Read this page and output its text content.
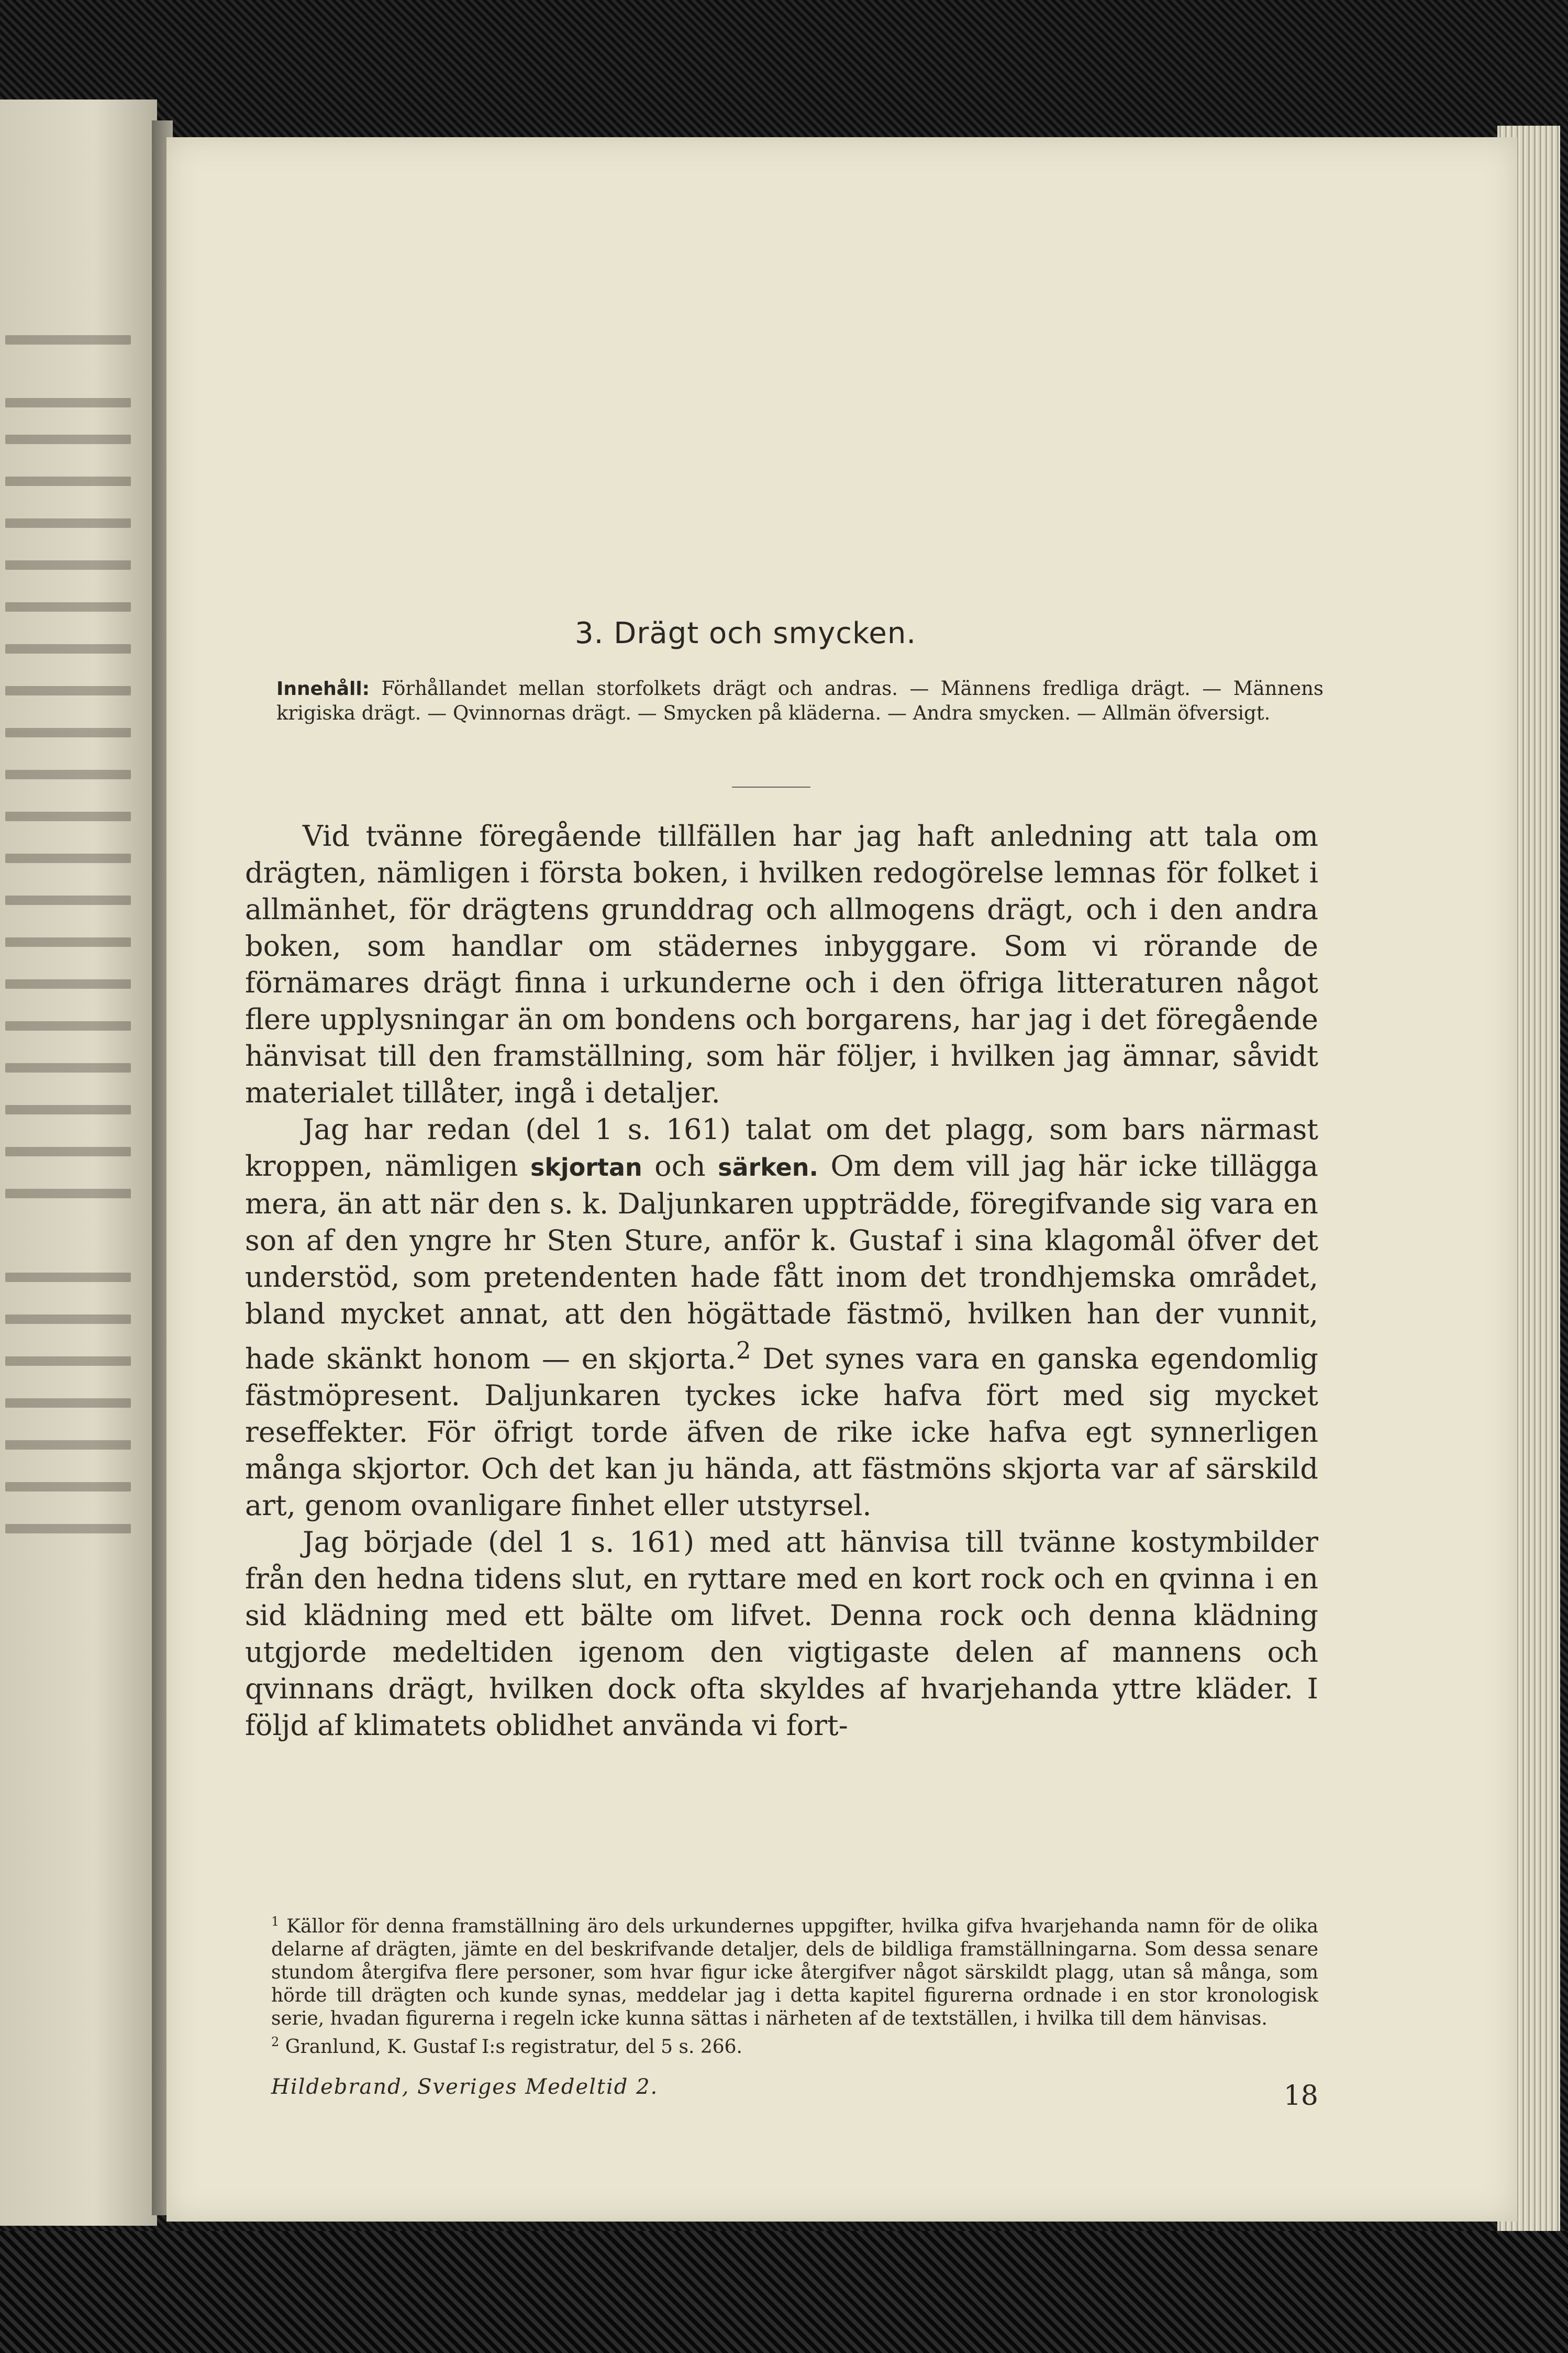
3. Drägt och smycken.
Innehåll: Förhållandet mellan storfolkets drägt och andras. — Männens fredliga drägt. — Männens krigiska drägt. — Qvinnornas drägt. — Smycken på kläderna. — Andra smycken. — Allmän öfversigt.

Vid tvänne föregående tillfällen har jag haft anledning att tala om drägten, nämligen i första boken, i hvilken redogörelse lemnas för folket i allmänhet, för drägtens grunddrag och allmogens drägt, och i den andra boken, som handlar om städernes inbyggare. Som vi rörande de förnämares drägt finna i urkunderne och i den öfriga litteraturen något flere upplysningar än om bondens och borgarens, har jag i det föregående hänvisat till den framställning, som här följer, i hvilken jag ämnar, såvidt materialet tillåter, ingå i detaljer.

Jag har redan (del 1 s. 161) talat om det plagg, som bars närmast kroppen, nämligen skjortan och särken. Om dem vill jag här icke tillägga mera, än att när den s. k. Daljunkaren uppträdde, föregifvande sig vara en son af den yngre hr Sten Sture, anför k. Gustaf i sina klagomål öfver det understöd, som pretendenten hade fått inom det trondhjemska området, bland mycket annat, att den högättade fästmö, hvilken han der vunnit, hade skänkt honom — en skjorta.$^2$ Det synes vara en ganska egendomlig fästmöpresent. Daljunkaren tyckes icke hafva fört med sig mycket reseffekter. För öfrigt torde äfven de rike icke hafva egt synnerligen många skjortor. Och det kan ju hända, att fästmöns skjorta var af särskild art, genom ovanligare finhet eller utstyrsel.

Jag började (del 1 s. 161) med att hänvisa till tvänne kostymbilder från den hedna tidens slut, en ryttare med en kort rock och en qvinna i en sid klädning med ett bälte om lifvet. Denna rock och denna klädning utgjorde medeltiden igenom den vigtigaste delen af mannens och qvinnans drägt, hvilken dock ofta skyldes af hvarjehanda yttre kläder. I följd af klimatets oblidhet använda vi fort-

$^1$ Källor för denna framställning äro dels urkundernes uppgifter, hvilka gifva hvarjehanda namn för de olika delarne af drägten, jämte en del beskrifvande detaljer, dels de bildliga framställningarna. Som dessa senare stundom återgifva flere personer, som hvar figur icke återgifver något särskildt plagg, utan så många, som hörde till drägten och kunde synas, meddelar jag i detta kapitel figurerna ordnade i en stor kronologisk serie, hvadan figurerna i regeln icke kunna sättas i närheten af de textställen, i hvilka till dem hänvisas.

$^2$ Granlund, K. Gustaf I:s registratur, del 5 s. 266.

Hildebrand, Sveriges Medeltid 2.	18
